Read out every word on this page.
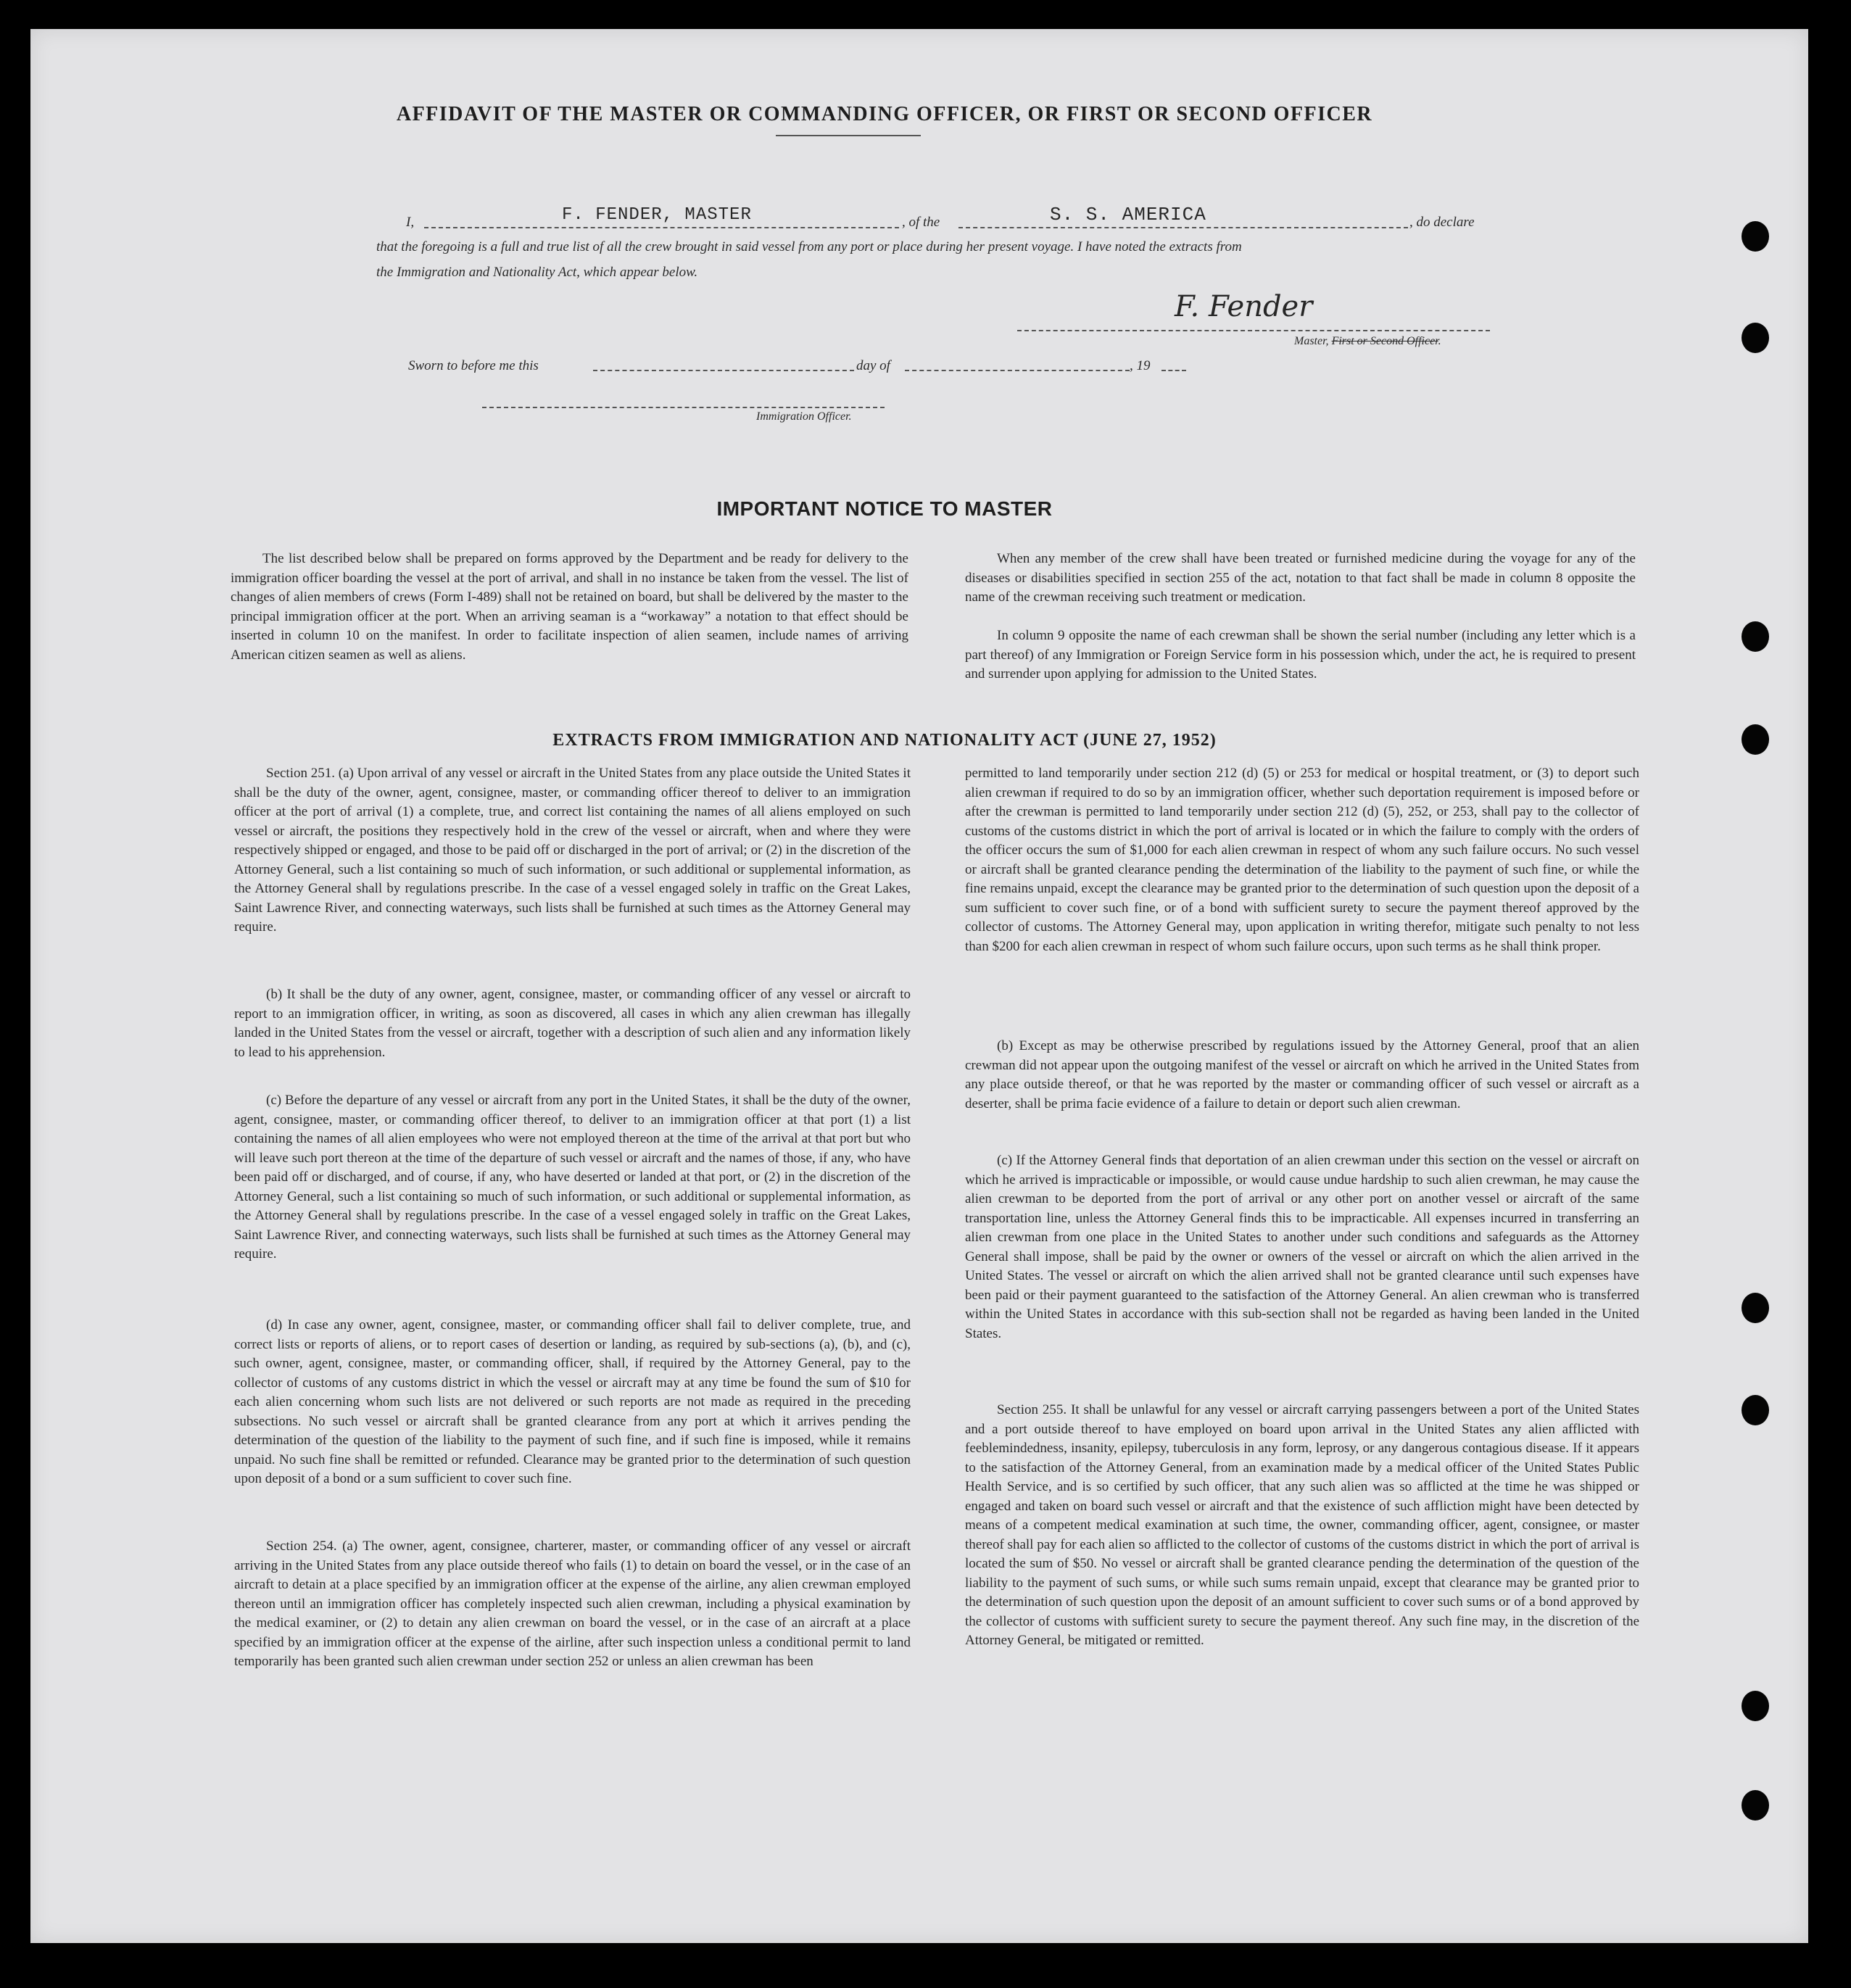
AFFIDAVIT OF THE MASTER OR COMMANDING OFFICER, OR FIRST OR SECOND OFFICER
I,	F. FENDER, MASTER	, of the	S. S. AMERICA	, do declare
that the foregoing is a full and true list of all the crew brought in said vessel from any port or place during her present voyage. I have noted the extracts from
the Immigration and Nationality Act, which appear below.
F. Fender
Master, First or Second Officer.
Sworn to before me this	day of	, 19
Immigration Officer.
IMPORTANT NOTICE TO MASTER
The list described below shall be prepared on forms approved by the Department and be ready for delivery to the immigration officer boarding the vessel at the port of arrival, and shall in no instance be taken from the vessel. The list of changes of alien members of crews (Form I-489) shall not be retained on board, but shall be delivered by the master to the principal immigration officer at the port. When an arriving seaman is a “workaway” a notation to that effect should be inserted in column 10 on the manifest. In order to facilitate inspection of alien seamen, include names of arriving American citizen seamen as well as aliens.
When any member of the crew shall have been treated or furnished medicine during the voyage for any of the diseases or disabilities specified in section 255 of the act, notation to that fact shall be made in column 8 opposite the name of the crewman receiving such treatment or medication.
In column 9 opposite the name of each crewman shall be shown the serial number (including any letter which is a part thereof) of any Immigration or Foreign Service form in his possession which, under the act, he is required to present and surrender upon applying for admission to the United States.
EXTRACTS FROM IMMIGRATION AND NATIONALITY ACT (JUNE 27, 1952)
Section 251. (a) Upon arrival of any vessel or aircraft in the United States from any place outside the United States it shall be the duty of the owner, agent, consignee, master, or commanding officer thereof to deliver to an immigration officer at the port of arrival (1) a complete, true, and correct list containing the names of all aliens employed on such vessel or aircraft, the positions they respectively hold in the crew of the vessel or aircraft, when and where they were respectively shipped or engaged, and those to be paid off or discharged in the port of arrival; or (2) in the discretion of the Attorney General, such a list containing so much of such information, or such additional or supplemental information, as the Attorney General shall by regulations prescribe. In the case of a vessel engaged solely in traffic on the Great Lakes, Saint Lawrence River, and connecting waterways, such lists shall be furnished at such times as the Attorney General may require.
(b) It shall be the duty of any owner, agent, consignee, master, or commanding officer of any vessel or aircraft to report to an immigration officer, in writing, as soon as discovered, all cases in which any alien crewman has illegally landed in the United States from the vessel or aircraft, together with a description of such alien and any information likely to lead to his apprehension.
(c) Before the departure of any vessel or aircraft from any port in the United States, it shall be the duty of the owner, agent, consignee, master, or commanding officer thereof, to deliver to an immigration officer at that port (1) a list containing the names of all alien employees who were not employed thereon at the time of the arrival at that port but who will leave such port thereon at the time of the departure of such vessel or aircraft and the names of those, if any, who have been paid off or discharged, and of course, if any, who have deserted or landed at that port, or (2) in the discretion of the Attorney General, such a list containing so much of such information, or such additional or supplemental information, as the Attorney General shall by regulations prescribe. In the case of a vessel engaged solely in traffic on the Great Lakes, Saint Lawrence River, and connecting waterways, such lists shall be furnished at such times as the Attorney General may require.
(d) In case any owner, agent, consignee, master, or commanding officer shall fail to deliver complete, true, and correct lists or reports of aliens, or to report cases of desertion or landing, as required by sub-sections (a), (b), and (c), such owner, agent, consignee, master, or commanding officer, shall, if required by the Attorney General, pay to the collector of customs of any customs district in which the vessel or aircraft may at any time be found the sum of $10 for each alien concerning whom such lists are not delivered or such reports are not made as required in the preceding subsections. No such vessel or aircraft shall be granted clearance from any port at which it arrives pending the determination of the question of the liability to the payment of such fine, and if such fine is imposed, while it remains unpaid. No such fine shall be remitted or refunded. Clearance may be granted prior to the determination of such question upon deposit of a bond or a sum sufficient to cover such fine.
Section 254. (a) The owner, agent, consignee, charterer, master, or commanding officer of any vessel or aircraft arriving in the United States from any place outside thereof who fails (1) to detain on board the vessel, or in the case of an aircraft to detain at a place specified by an immigration officer at the expense of the airline, any alien crewman employed thereon until an immigration officer has completely inspected such alien crewman, including a physical examination by the medical examiner, or (2) to detain any alien crewman on board the vessel, or in the case of an aircraft at a place specified by an immigration officer at the expense of the airline, after such inspection unless a conditional permit to land temporarily has been granted such alien crewman under section 252 or unless an alien crewman has been
permitted to land temporarily under section 212 (d) (5) or 253 for medical or hospital treatment, or (3) to deport such alien crewman if required to do so by an immigration officer, whether such deportation requirement is imposed before or after the crewman is permitted to land temporarily under section 212 (d) (5), 252, or 253, shall pay to the collector of customs of the customs district in which the port of arrival is located or in which the failure to comply with the orders of the officer occurs the sum of $1,000 for each alien crewman in respect of whom any such failure occurs. No such vessel or aircraft shall be granted clearance pending the determination of the liability to the payment of such fine, or while the fine remains unpaid, except the clearance may be granted prior to the determination of such question upon the deposit of a sum sufficient to cover such fine, or of a bond with sufficient surety to secure the payment thereof approved by the collector of customs. The Attorney General may, upon application in writing therefor, mitigate such penalty to not less than $200 for each alien crewman in respect of whom such failure occurs, upon such terms as he shall think proper.
(b) Except as may be otherwise prescribed by regulations issued by the Attorney General, proof that an alien crewman did not appear upon the outgoing manifest of the vessel or aircraft on which he arrived in the United States from any place outside thereof, or that he was reported by the master or commanding officer of such vessel or aircraft as a deserter, shall be prima facie evidence of a failure to detain or deport such alien crewman.
(c) If the Attorney General finds that deportation of an alien crewman under this section on the vessel or aircraft on which he arrived is impracticable or impossible, or would cause undue hardship to such alien crewman, he may cause the alien crewman to be deported from the port of arrival or any other port on another vessel or aircraft of the same transportation line, unless the Attorney General finds this to be impracticable. All expenses incurred in transferring an alien crewman from one place in the United States to another under such conditions and safeguards as the Attorney General shall impose, shall be paid by the owner or owners of the vessel or aircraft on which the alien arrived in the United States. The vessel or aircraft on which the alien arrived shall not be granted clearance until such expenses have been paid or their payment guaranteed to the satisfaction of the Attorney General. An alien crewman who is transferred within the United States in accordance with this sub-section shall not be regarded as having been landed in the United States.
Section 255. It shall be unlawful for any vessel or aircraft carrying passengers between a port of the United States and a port outside thereof to have employed on board upon arrival in the United States any alien afflicted with feeblemindedness, insanity, epilepsy, tuberculosis in any form, leprosy, or any dangerous contagious disease. If it appears to the satisfaction of the Attorney General, from an examination made by a medical officer of the United States Public Health Service, and is so certified by such officer, that any such alien was so afflicted at the time he was shipped or engaged and taken on board such vessel or aircraft and that the existence of such affliction might have been detected by means of a competent medical examination at such time, the owner, commanding officer, agent, consignee, or master thereof shall pay for each alien so afflicted to the collector of customs of the customs district in which the port of arrival is located the sum of $50. No vessel or aircraft shall be granted clearance pending the determination of the question of the liability to the payment of such sums, or while such sums remain unpaid, except that clearance may be granted prior to the determination of such question upon the deposit of an amount sufficient to cover such sums or of a bond approved by the collector of customs with sufficient surety to secure the payment thereof. Any such fine may, in the discretion of the Attorney General, be mitigated or remitted.
